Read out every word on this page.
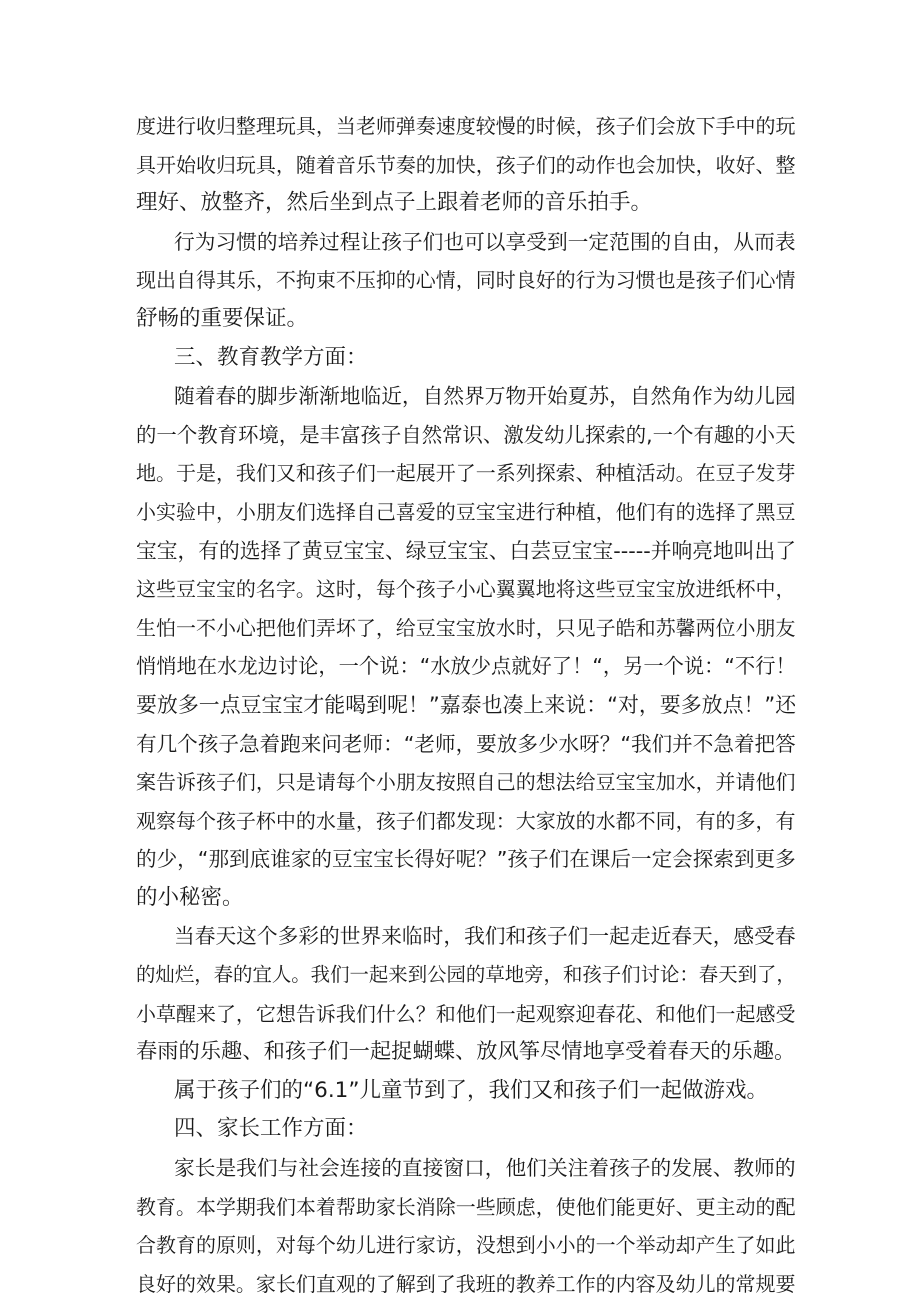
度进行收归整理玩具，当老师弹奏速度较慢的时候，孩子们会放下手中的玩
具开始收归玩具，随着音乐节奏的加快，孩子们的动作也会加快，收好、整
理好、放整齐，然后坐到点子上跟着老师的音乐拍手。
行为习惯的培养过程让孩子们也可以享受到一定范围的自由，从而表
现出自得其乐，不拘束不压抑的心情，同时良好的行为习惯也是孩子们心情
舒畅的重要保证。
三、教育教学方面：
随着春的脚步渐渐地临近，自然界万物开始夏苏，自然角作为幼儿园
的一个教育环境，是丰富孩子自然常识、激发幼儿探索的,一个有趣的小天
地。于是，我们又和孩子们一起展开了一系列探索、种植活动。在豆子发芽
小实验中，小朋友们选择自己喜爱的豆宝宝进行种植，他们有的选择了黑豆
宝宝，有的选择了黄豆宝宝、绿豆宝宝、白芸豆宝宝-----并响亮地叫出了
这些豆宝宝的名字。这时，每个孩子小心翼翼地将这些豆宝宝放进纸杯中，
生怕一不小心把他们弄坏了，给豆宝宝放水时，只见子皓和苏馨两位小朋友
悄悄地在水龙边讨论，一个说：“水放少点就好了！“，另一个说：“不行！
要放多一点豆宝宝才能喝到呢！”嘉泰也凑上来说：“对，要多放点！”还
有几个孩子急着跑来问老师：“老师，要放多少水呀？“我们并不急着把答
案告诉孩子们，只是请每个小朋友按照自己的想法给豆宝宝加水，并请他们
观察每个孩子杯中的水量，孩子们都发现：大家放的水都不同，有的多，有
的少，“那到底谁家的豆宝宝长得好呢？”孩子们在课后一定会探索到更多
的小秘密。
当春天这个多彩的世界来临时，我们和孩子们一起走近春天，感受春
的灿烂，春的宜人。我们一起来到公园的草地旁，和孩子们讨论：春天到了，
小草醒来了，它想告诉我们什么？和他们一起观察迎春花、和他们一起感受
春雨的乐趣、和孩子们一起捉蝴蝶、放风筝尽情地享受着春天的乐趣。
属于孩子们的“6.1”儿童节到了，我们又和孩子们一起做游戏。
四、家长工作方面：
家长是我们与社会连接的直接窗口，他们关注着孩子的发展、教师的
教育。本学期我们本着帮助家长消除一些顾虑，使他们能更好、更主动的配
合教育的原则，对每个幼儿进行家访，没想到小小的一个举动却产生了如此
良好的效果。家长们直观的了解到了我班的教养工作的内容及幼儿的常规要
